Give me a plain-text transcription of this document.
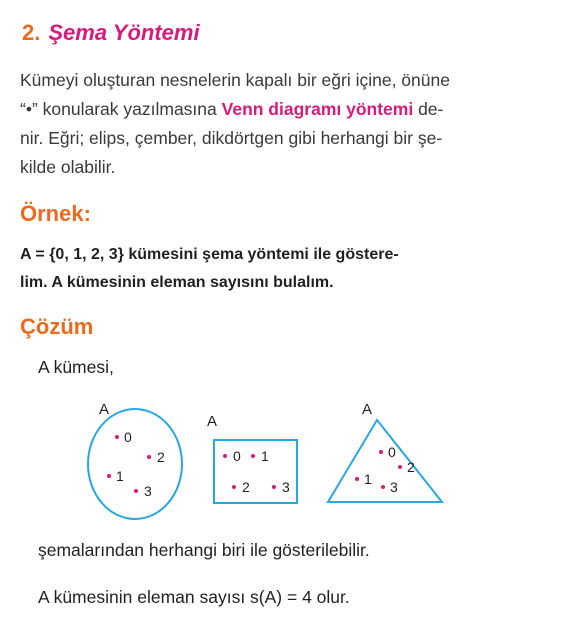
2. Şema Yöntemi
Kümeyi oluşturan nesnelerin kapalı bir eğri içine, önüne
“•” konularak yazılmasına Venn diagramı yöntemi de-
nir. Eğri; elips, çember, dikdörtgen gibi herhangi bir şe-
kilde olabilir.
Örnek:
A = {0, 1, 2, 3} kümesini şema yöntemi ile göstere-
lim. A kümesinin eleman sayısını bulalım.
Çözüm
A kümesi,
A
0
2
1
3
A
0 1
2 3
A
0
2
1 3
şemalarından herhangi biri ile gösterilebilir.
A kümesinin eleman sayısı s(A) = 4 olur.
